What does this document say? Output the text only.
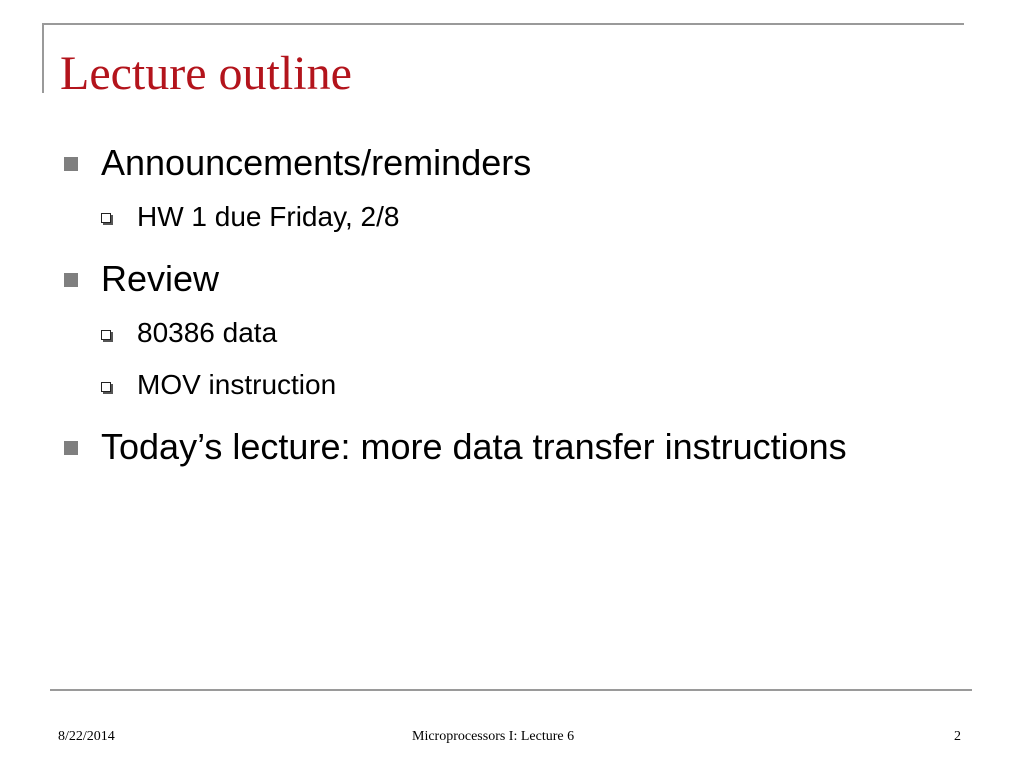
Lecture outline
Announcements/reminders
HW 1 due Friday, 2/8
Review
80386 data
MOV instruction
Today’s lecture: more data transfer instructions
8/22/2014	Microprocessors I: Lecture 6	2
